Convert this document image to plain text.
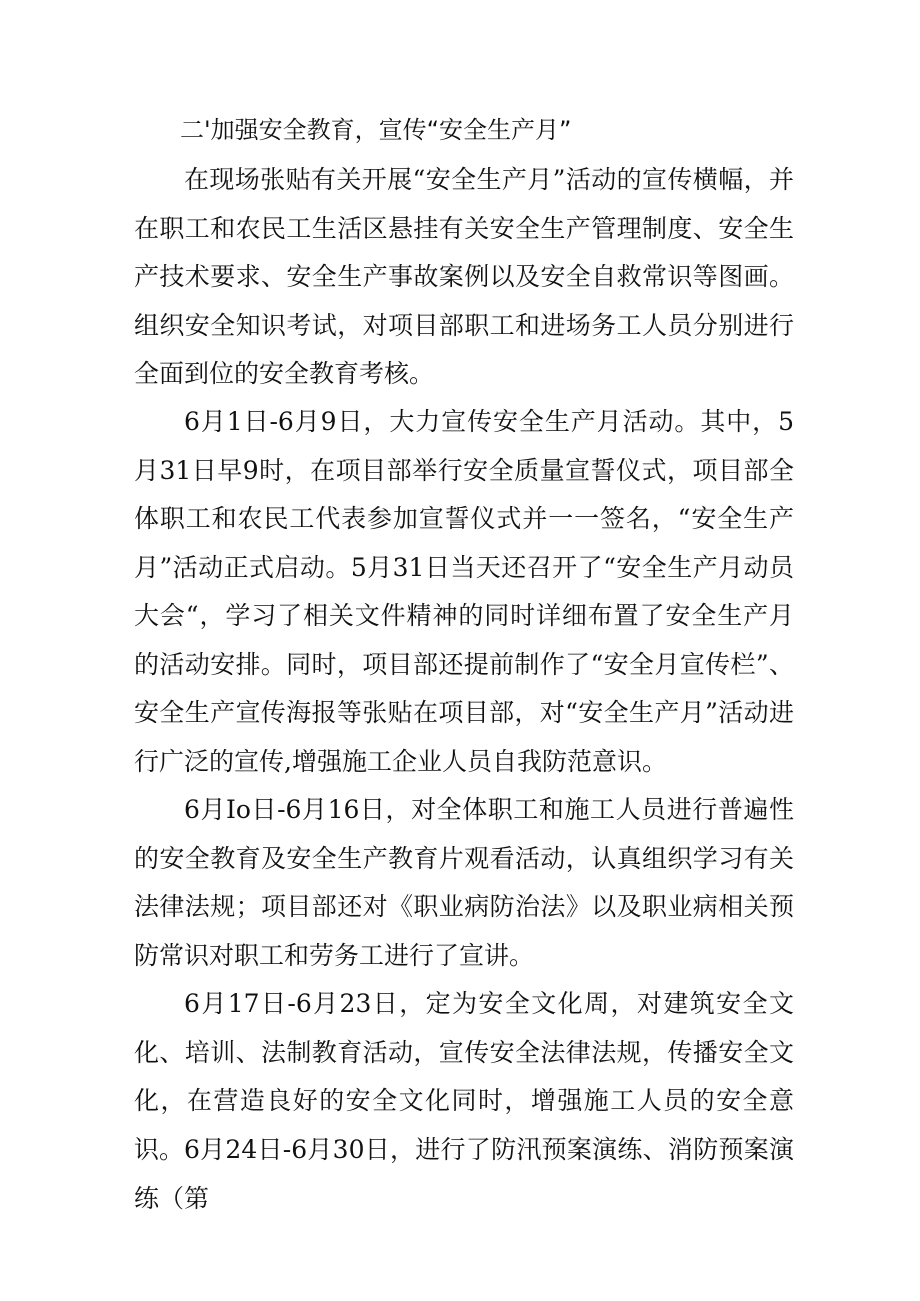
二'加强安全教育，宣传“安全生产月”

在现场张贴有关开展“安全生产月”活动的宣传横幅，并在职工和农民工生活区悬挂有关安全生产管理制度、安全生产技术要求、安全生产事故案例以及安全自救常识等图画。组织安全知识考试，对项目部职工和进场务工人员分别进行全面到位的安全教育考核。

6月1日-6月9日，大力宣传安全生产月活动。其中，5月31日早9时，在项目部举行安全质量宣誓仪式，项目部全体职工和农民工代表参加宣誓仪式并一一签名，“安全生产月”活动正式启动。5月31日当天还召开了“安全生产月动员大会“，学习了相关文件精神的同时详细布置了安全生产月的活动安排。同时，项目部还提前制作了“安全月宣传栏”、安全生产宣传海报等张贴在项目部，对“安全生产月”活动进行广泛的宣传,增强施工企业人员自我防范意识。

6月Io日-6月16日，对全体职工和施工人员进行普遍性的安全教育及安全生产教育片观看活动，认真组织学习有关法律法规；项目部还对《职业病防治法》以及职业病相关预防常识对职工和劳务工进行了宣讲。

6月17日-6月23日，定为安全文化周，对建筑安全文化、培训、法制教育活动，宣传安全法律法规，传播安全文化，在营造良好的安全文化同时，增强施工人员的安全意识。 6月24日-6月30日，进行了防汛预案演练、消防预案演练（第
